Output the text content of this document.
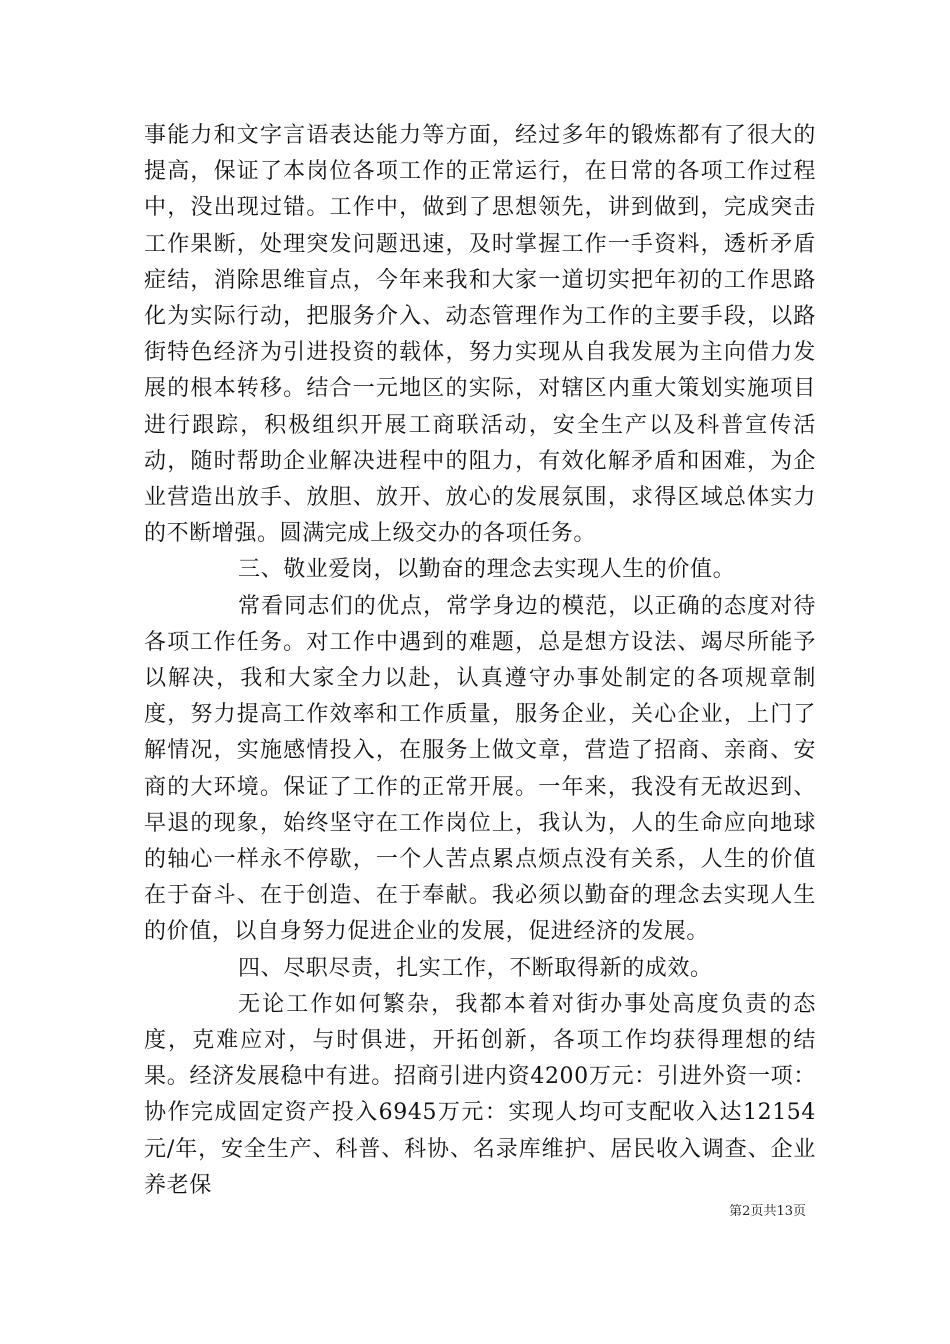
事能力和文字言语表达能力等方面，经过多年的锻炼都有了很大的提高，保证了本岗位各项工作的正常运行，在日常的各项工作过程中，没出现过错。工作中，做到了思想领先，讲到做到，完成突击工作果断，处理突发问题迅速，及时掌握工作一手资料，透析矛盾症结，消除思维盲点，今年来我和大家一道切实把年初的工作思路化为实际行动，把服务介入、动态管理作为工作的主要手段，以路街特色经济为引进投资的载体，努力实现从自我发展为主向借力发展的根本转移。结合一元地区的实际，对辖区内重大策划实施项目进行跟踪，积极组织开展工商联活动，安全生产以及科普宣传活动，随时帮助企业解决进程中的阻力，有效化解矛盾和困难，为企业营造出放手、放胆、放开、放心的发展氛围，求得区域总体实力的不断增强。圆满完成上级交办的各项任务。

三、敬业爱岗，以勤奋的理念去实现人生的价值。

常看同志们的优点，常学身边的模范，以正确的态度对待各项工作任务。对工作中遇到的难题，总是想方设法、竭尽所能予以解决，我和大家全力以赴，认真遵守办事处制定的各项规章制度，努力提高工作效率和工作质量，服务企业，关心企业，上门了解情况，实施感情投入，在服务上做文章，营造了招商、亲商、安商的大环境。保证了工作的正常开展。一年来，我没有无故迟到、早退的现象，始终坚守在工作岗位上，我认为，人的生命应向地球的轴心一样永不停歇，一个人苦点累点烦点没有关系，人生的价值在于奋斗、在于创造、在于奉献。我必须以勤奋的理念去实现人生的价值，以自身努力促进企业的发展，促进经济的发展。

四、尽职尽责，扎实工作，不断取得新的成效。

无论工作如何繁杂，我都本着对街办事处高度负责的态度，克难应对，与时俱进，开拓创新，各项工作均获得理想的结果。经济发展稳中有进。招商引进内资4200万元：引进外资一项：协作完成固定资产投入6945万元：实现人均可支配收入达12154元/年，安全生产、科普、科协、名录库维护、居民收入调查、企业养老保

第2页共13页
